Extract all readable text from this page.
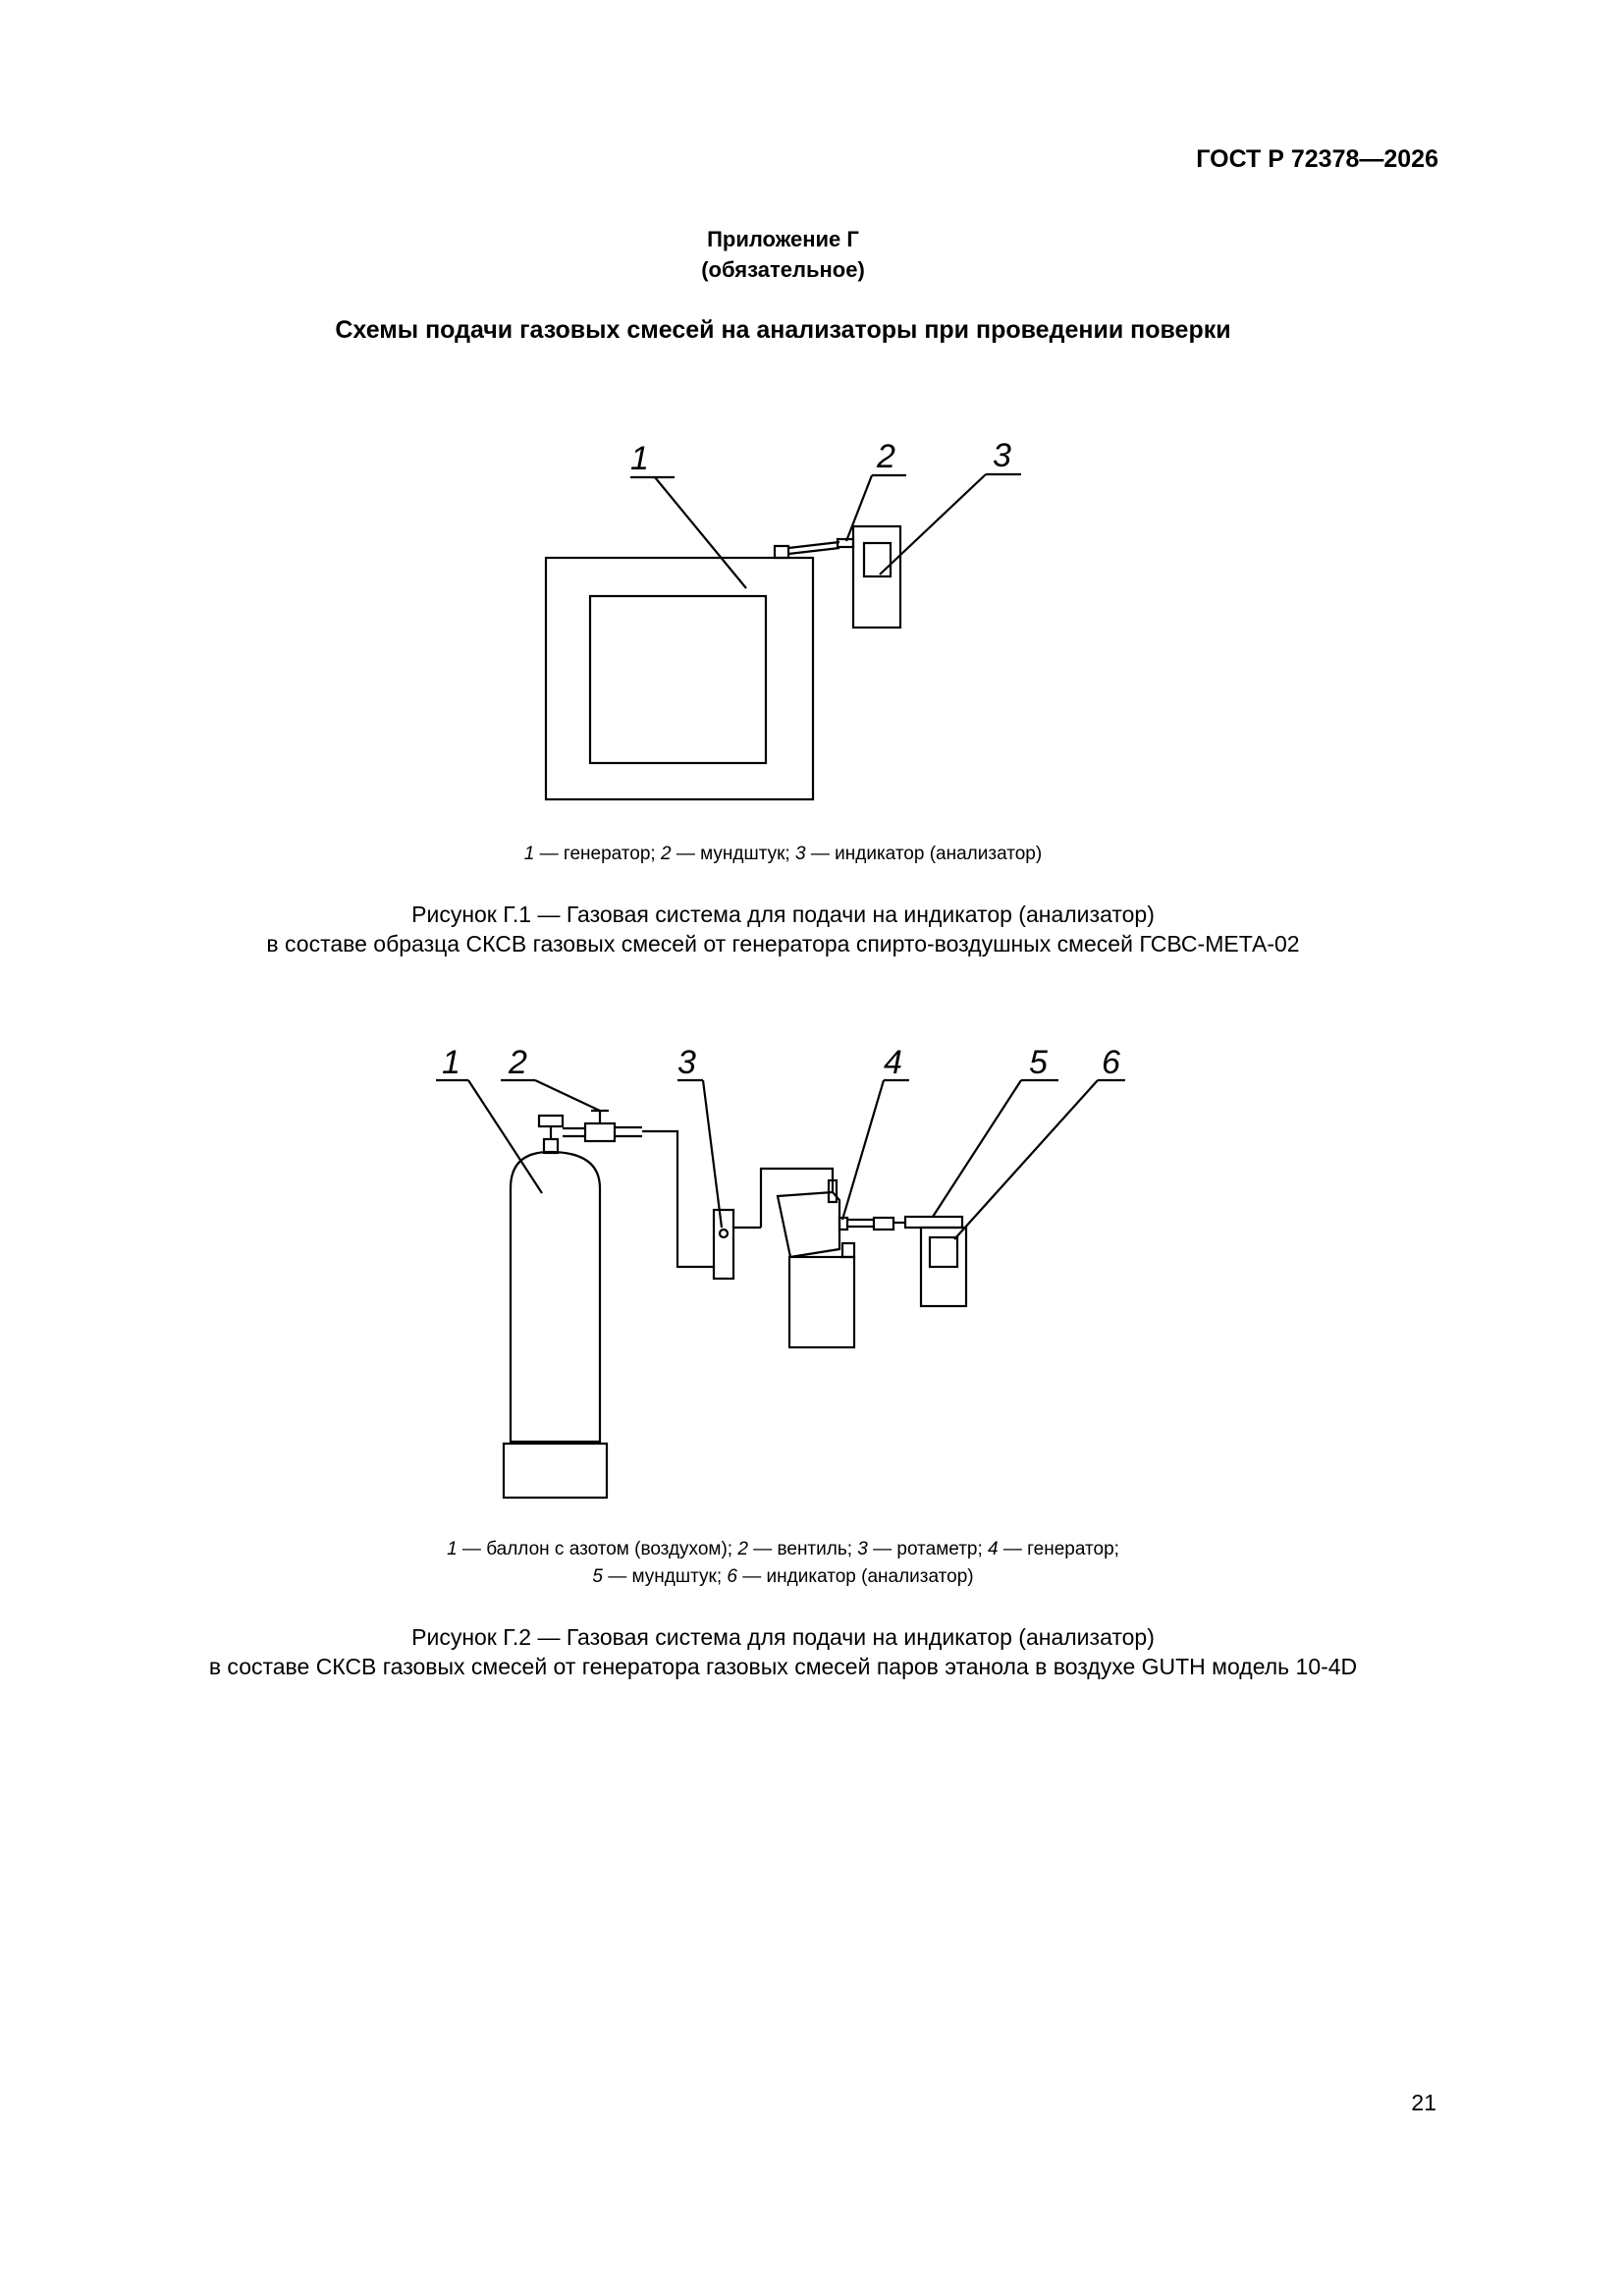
ГОСТ Р 72378—2026
Приложение Г
(обязательное)
Схемы подачи газовых смесей на анализаторы при проведении поверки
1	2	3
1 — генератор; 2 — мундштук; 3 — индикатор (анализатор)
Рисунок Г.1 — Газовая система для подачи на индикатор (анализатор)
в составе образца СКСВ газовых смесей от генератора спирто-воздушных смесей ГСВС-МЕТА-02
1 2	3	4	5 6
1 — баллон с азотом (воздухом); 2 — вентиль; 3 — ротаметр; 4 — генератор;
5 — мундштук; 6 — индикатор (анализатор)
Рисунок Г.2 — Газовая система для подачи на индикатор (анализатор)
в составе СКСВ газовых смесей от генератора газовых смесей паров этанола в воздухе GUTH модель 10-4D
21
